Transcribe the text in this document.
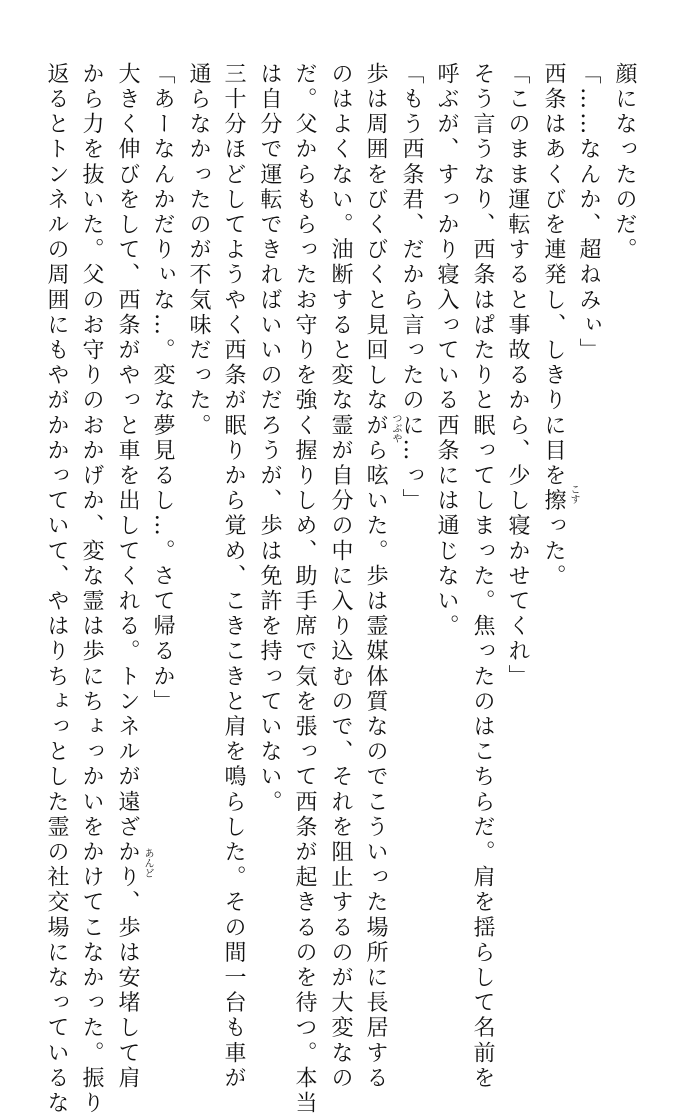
顔になったのだ。
「……なんか、超ねみぃ」
西条はあくびを連発し、しきりに目を擦った。
「このまま運転すると事故るから、少し寝かせてくれ」
そう言うなり、西条はぱたりと眠ってしまった。焦ったのはこちらだ。肩を揺らして名前を
呼ぶが、すっかり寝入っている西条には通じない。
「もう西条君、だから言ったのに…っ」
歩は周囲をびくびくと見回しながら呟いた。歩は霊媒体質なのでこういった場所に長居する
のはよくない。油断すると変な霊が自分の中に入り込むので、それを阻止するのが大変なの
だ。父からもらったお守りを強く握りしめ、助手席で気を張って西条が起きるのを待つ。本当
は自分で運転できればいいのだろうが、歩は免許を持っていない。
三十分ほどしてようやく西条が眠りから覚め、こきこきと肩を鳴らした。その間一台も車が
通らなかったのが不気味だった。
「あーなんかだりぃな…。変な夢見るし…。さて帰るか」
大きく伸びをして、西条がやっと車を出してくれる。トンネルが遠ざかり、歩は安堵して肩
から力を抜いた。父のお守りのおかげか、変な霊は歩にちょっかいをかけてこなかった。振り
返るとトンネルの周囲にもやがかかっていて、やはりちょっとした霊の社交場になっているな	こす
つぶや
あんど
